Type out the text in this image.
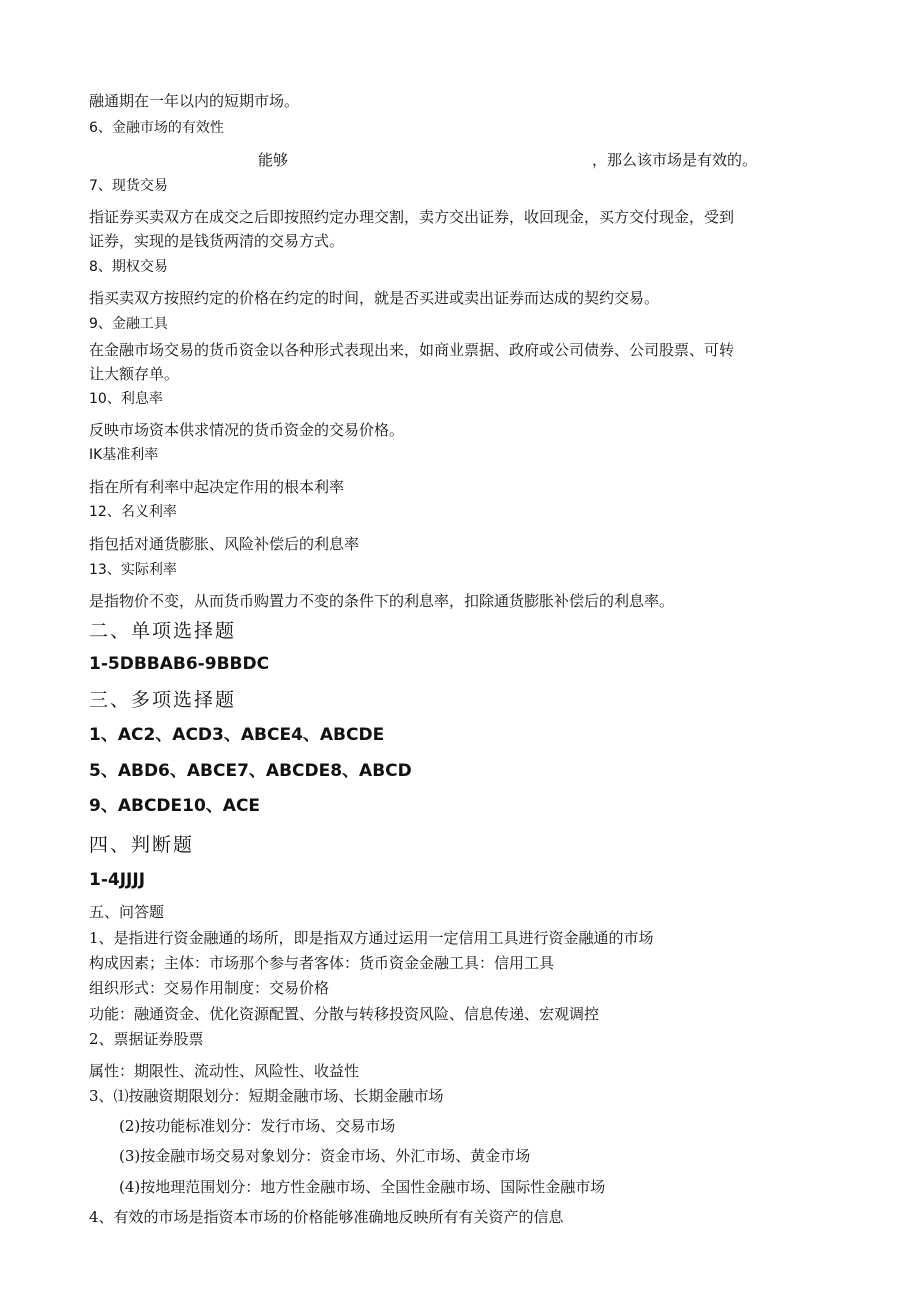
融通期在一年以内的短期市场。
6、金融市场的有效性
能够	，那么该市场是有效的。
7、现货交易
指证券买卖双方在成交之后即按照约定办理交割，卖方交出证券，收回现金，买方交付现金，受到
证券，实现的是钱货两清的交易方式。
8、期权交易
指买卖双方按照约定的价格在约定的时间，就是否买进或卖出证券而达成的契约交易。
9、金融工具
在金融市场交易的货币资金以各种形式表现出来，如商业票据、政府或公司债券、公司股票、可转
让大额存单。
10、利息率
反映市场资本供求情况的货币资金的交易价格。
IK基准利率
指在所有利率中起决定作用的根本利率
12、名义利率
指包括对通货膨胀、风险补偿后的利息率
13、实际利率
是指物价不变，从而货币购置力不变的条件下的利息率，扣除通货膨胀补偿后的利息率。
二、单项选择题
1-5DBBAB6-9BBDC
三、多项选择题
1、AC2、ACD3、ABCE4、ABCDE
5、ABD6、ABCE7、ABCDE8、ABCD
9、ABCDE10、ACE
四、判断题
1-4JJJJ
五、问答题
1、是指进行资金融通的场所，即是指双方通过运用一定信用工具进行资金融通的市场
构成因素；主体：市场那个参与者客体：货币资金金融工具：信用工具
组织形式：交易作用制度：交易价格
功能：融通资金、优化资源配置、分散与转移投资风险、信息传递、宏观调控
2、票据证券股票
属性：期限性、流动性、风险性、收益性
3、⑴按融资期限划分：短期金融市场、长期金融市场
(2)按功能标准划分：发行市场、交易市场
(3)按金融市场交易对象划分：资金市场、外汇市场、黄金市场
(4)按地理范围划分：地方性金融市场、全国性金融市场、国际性金融市场
4、有效的市场是指资本市场的价格能够准确地反映所有有关资产的信息
